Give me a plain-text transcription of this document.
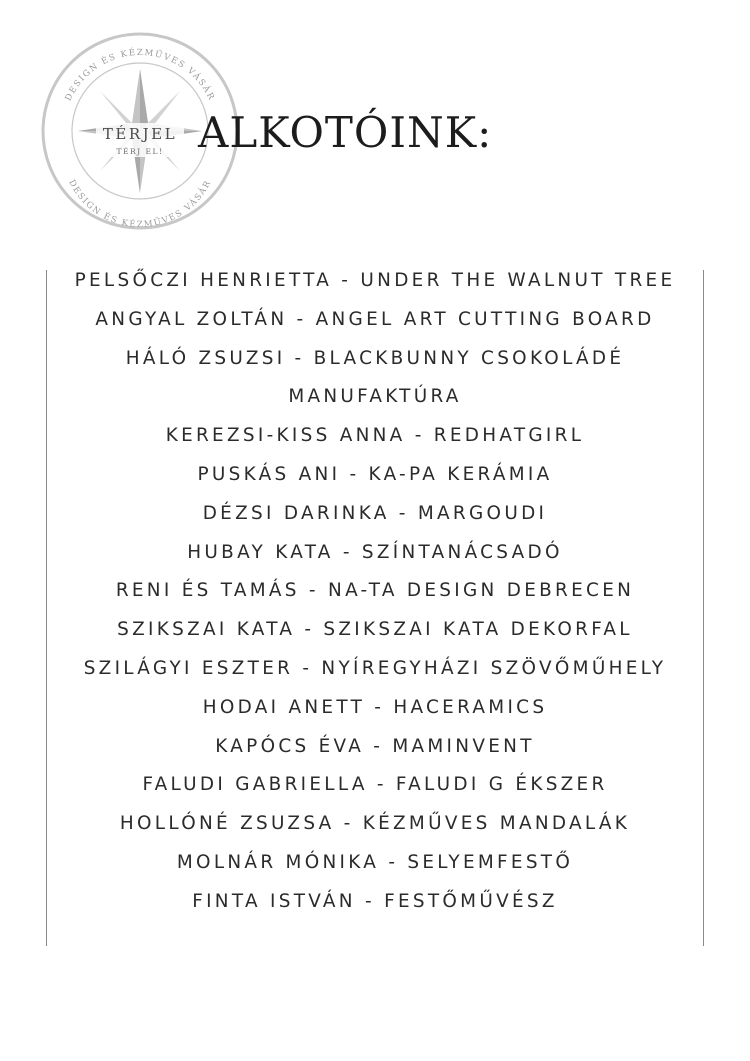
TÉRJEL
TÉRJ EL!
DESIGN ÉS KÉZMŰVES VÁSÁR
DESIGN ÉS KÉZMŰVES VÁSÁR
ALKOTÓINK:
PELSŐCZI HENRIETTA - UNDER THE WALNUT TREE
ANGYAL ZOLTÁN - ANGEL ART CUTTING BOARD
HÁLÓ ZSUZSI - BLACKBUNNY CSOKOLÁDÉ
MANUFAKTÚRA
KEREZSI-KISS ANNA - REDHATGIRL
PUSKÁS ANI - KA-PA KERÁMIA
DÉZSI DARINKA - MARGOUDI
HUBAY KATA - SZÍNTANÁCSADÓ
RENI ÉS TAMÁS - NA-TA DESIGN DEBRECEN
SZIKSZAI KATA - SZIKSZAI KATA DEKORFAL
SZILÁGYI ESZTER - NYÍREGYHÁZI SZÖVŐMŰHELY
HODAI ANETT - HACERAMICS
KAPÓCS ÉVA - MAMINVENT
FALUDI GABRIELLA - FALUDI G ÉKSZER
HOLLÓNÉ ZSUZSA - KÉZMŰVES MANDALÁK
MOLNÁR MÓNIKA - SELYEMFESTŐ
FINTA ISTVÁN - FESTŐMŰVÉSZ
